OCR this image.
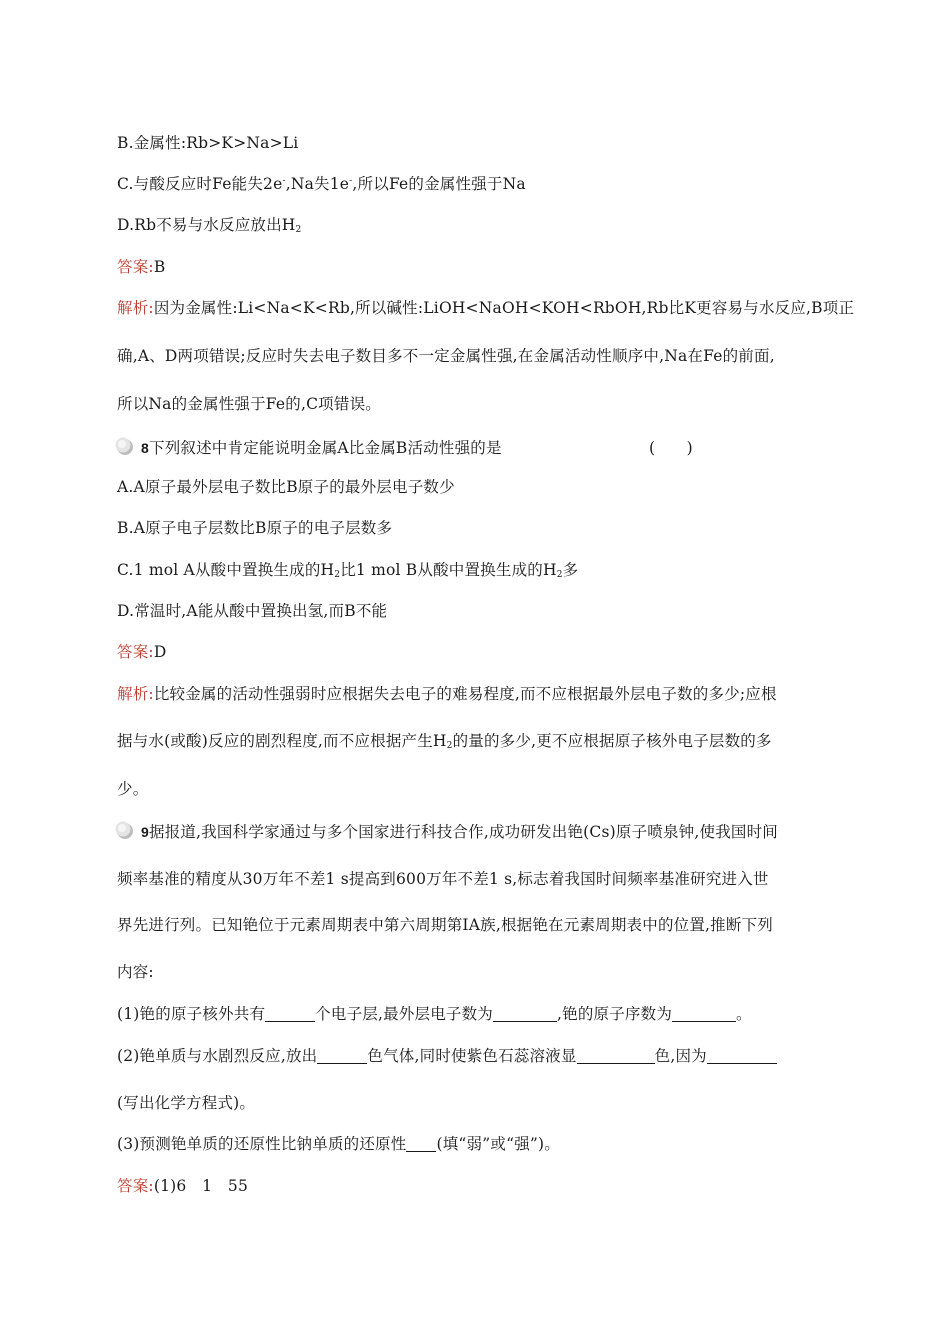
B.金属性:Rb>K>Na>Li
C.与酸反应时Fe能失2e-,Na失1e-,所以Fe的金属性强于Na
D.Rb不易与水反应放出$H_2$
答案:B
解析:因为金属性:Li<Na<K<Rb,所以碱性:LiOH<NaOH<KOH<RbOH,Rb比K更容易与水反应,B项正
确,A、D两项错误;反应时失去电子数目多不一定金属性强,在金属活动性顺序中,Na在Fe的前面,
所以Na的金属性强于Fe的,C项错误。
8下列叙述中肯定能说明金属A比金属B活动性强的是	(　　)
A.A原子最外层电子数比B原子的最外层电子数少
B.A原子电子层数比B原子的电子层数多
C.1 mol A从酸中置换生成的$H_2$比1 mol B从酸中置换生成的$H_2$多
D.常温时,A能从酸中置换出氢,而B不能
答案:D
解析:比较金属的活动性强弱时应根据失去电子的难易程度,而不应根据最外层电子数的多少;应根
据与水(或酸)反应的剧烈程度,而不应根据产生$H_2$的量的多少,更不应根据原子核外电子层数的多
少。
9据报道,我国科学家通过与多个国家进行科技合作,成功研发出铯(Cs)原子喷泉钟,使我国时间
频率基准的精度从30万年不差1 s提高到600万年不差1 s,标志着我国时间频率基准研究进入世
界先进行列。已知铯位于元素周期表中第六周期第ⅠA族,根据铯在元素周期表中的位置,推断下列
内容:
(1)铯的原子核外共有	个电子层,最外层电子数为	,铯的原子序数为	。
(2)铯单质与水剧烈反应,放出	色气体,同时使紫色石蕊溶液显	色,因为
(写出化学方程式)。
(3)预测铯单质的还原性比钠单质的还原性 (填“弱”或“强”)。
答案:(1)6　1　55
